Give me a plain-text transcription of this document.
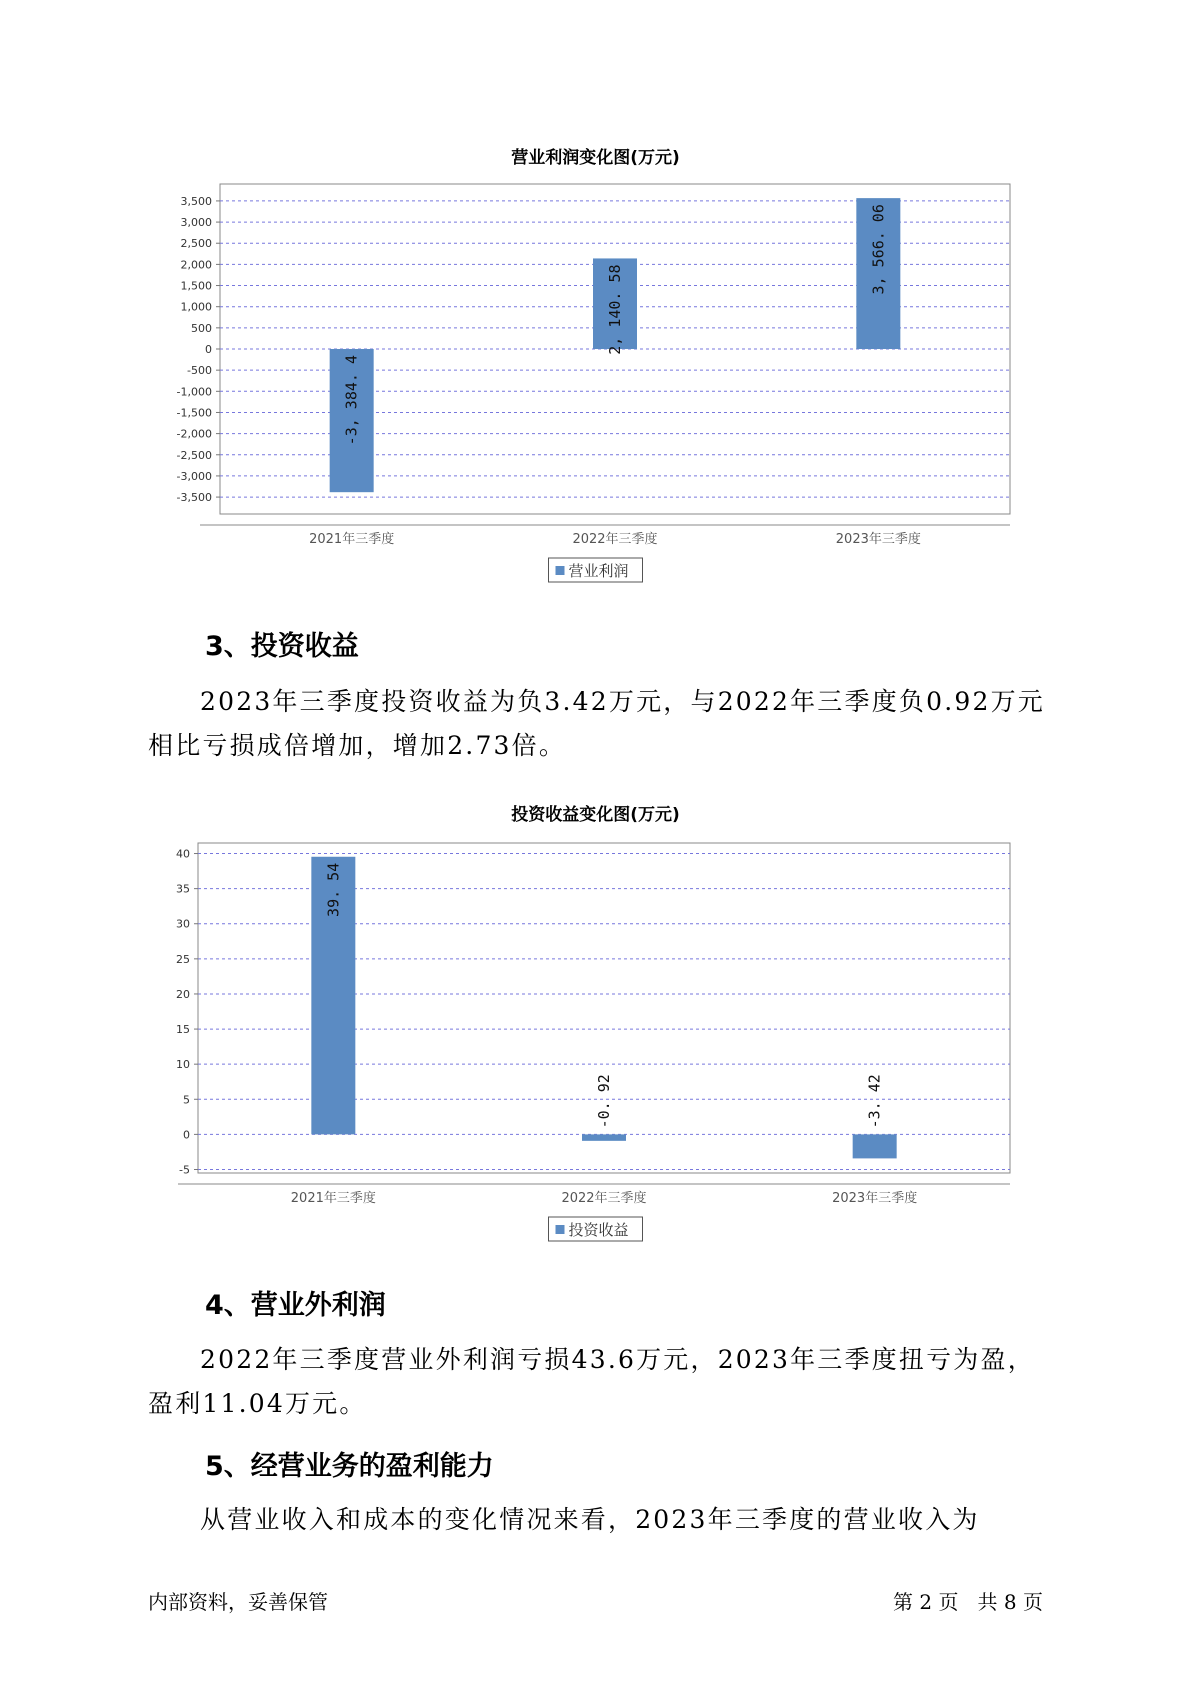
营业利润变化图(万元)
3,500
3,000
2,500
2,000
1,500
1,000
500
0
-500
-1,000
-1,500
-2,000
-2,500
-3,000
-3,500
2021年三季度
-3, 384. 4
2022年三季度
2, 140. 58
2023年三季度
3, 566. 06
营业利润
3、投资收益

2023年三季度投资收益为负3.42万元，与2022年三季度负0.92万元相比亏损成倍增加，增加2.73倍。

投资收益变化图(万元)
40
35
30
25
20
15
10
5
0
-5
2021年三季度
39. 54
2022年三季度
-0. 92
2023年三季度
-3. 42
投资收益
4、营业外利润

2022年三季度营业外利润亏损43.6万元，2023年三季度扭亏为盈，盈利11.04万元。

5、经营业务的盈利能力

从营业收入和成本的变化情况来看，2023年三季度的营业收入为

内部资料，妥善保管	第 2 页   共 8 页
